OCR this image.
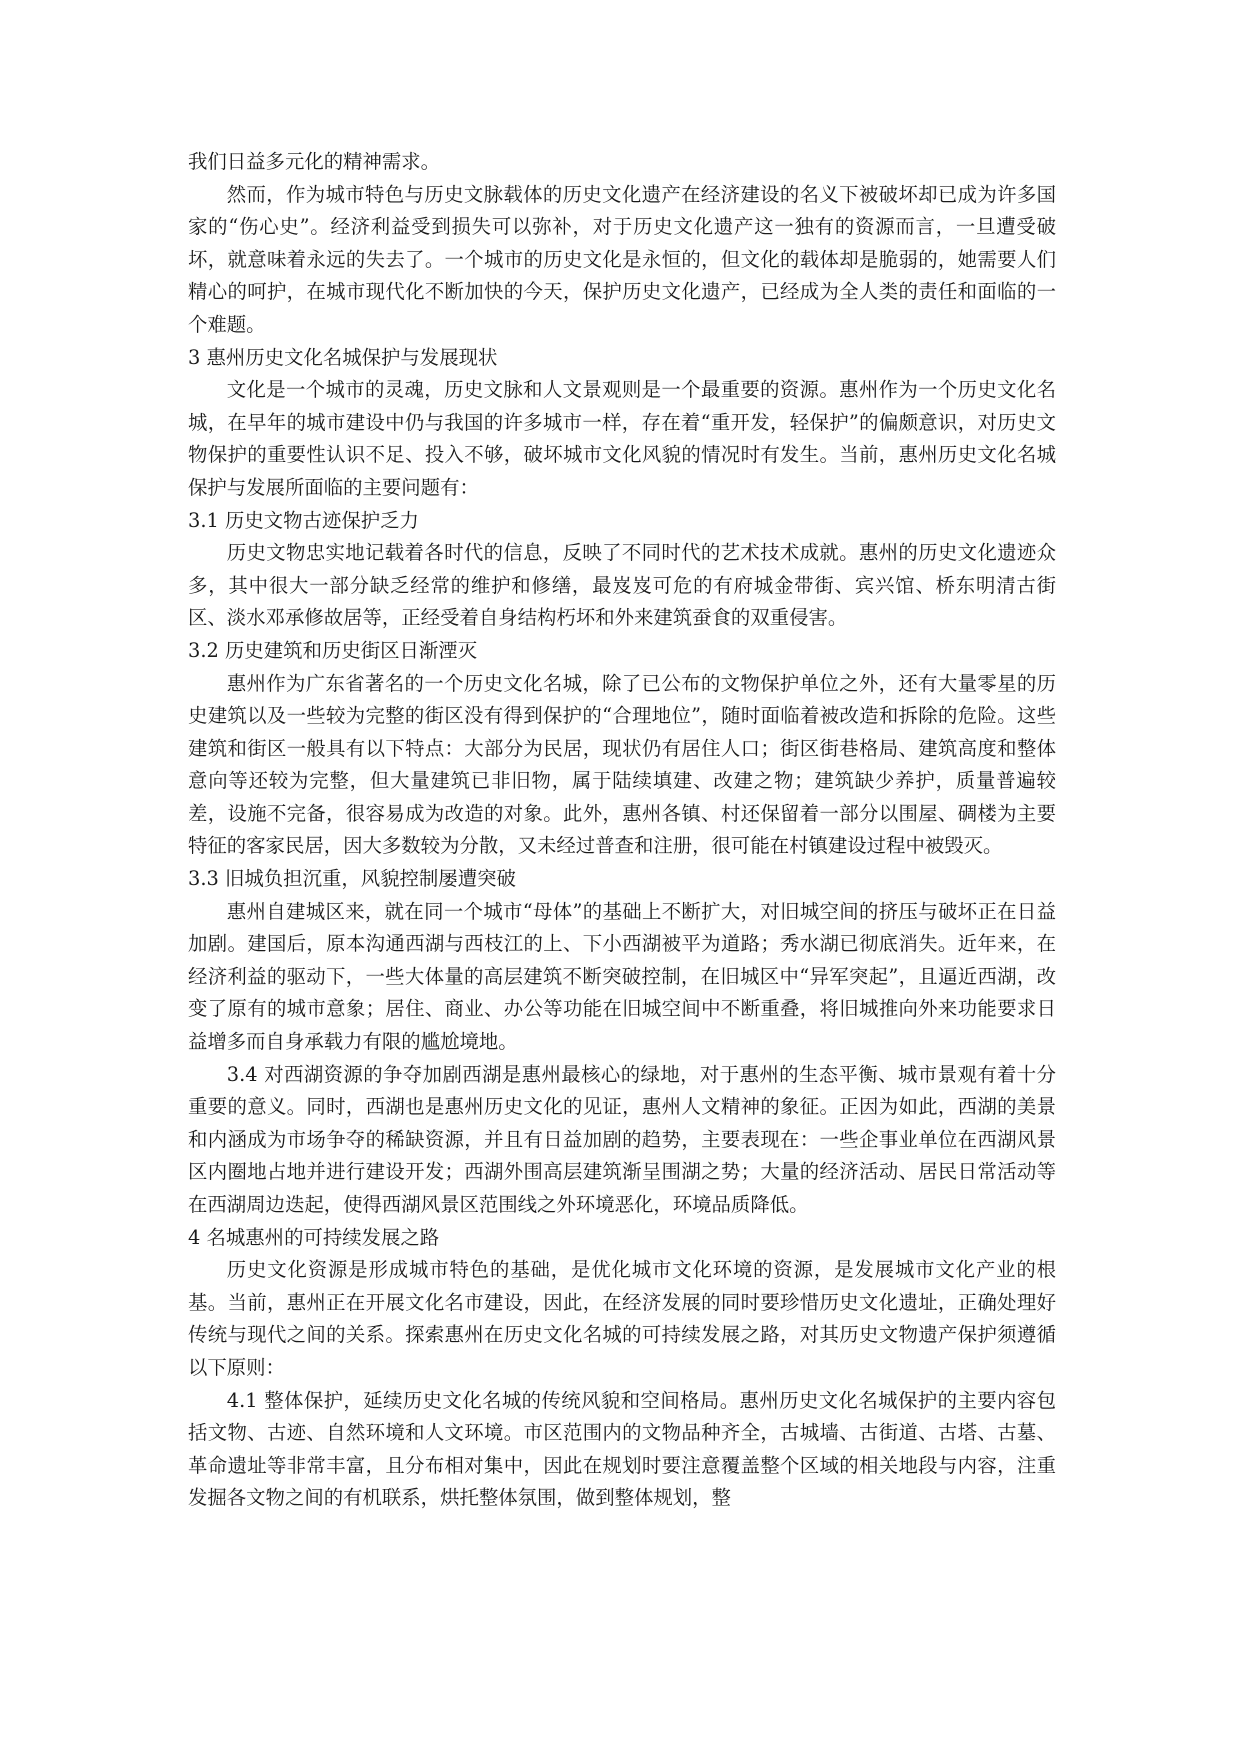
我们日益多元化的精神需求。

然而，作为城市特色与历史文脉载体的历史文化遗产在经济建设的名义下被破坏却已成为许多国家的“伤心史”。经济利益受到损失可以弥补，对于历史文化遗产这一独有的资源而言，一旦遭受破坏，就意味着永远的失去了。一个城市的历史文化是永恒的，但文化的载体却是脆弱的，她需要人们精心的呵护，在城市现代化不断加快的今天，保护历史文化遗产，已经成为全人类的责任和面临的一个难题。

3 惠州历史文化名城保护与发展现状

文化是一个城市的灵魂，历史文脉和人文景观则是一个最重要的资源。惠州作为一个历史文化名城，在早年的城市建设中仍与我国的许多城市一样，存在着“重开发，轻保护”的偏颇意识，对历史文物保护的重要性认识不足、投入不够，破坏城市文化风貌的情况时有发生。当前，惠州历史文化名城保护与发展所面临的主要问题有：

3.1 历史文物古迹保护乏力

历史文物忠实地记载着各时代的信息，反映了不同时代的艺术技术成就。惠州的历史文化遗迹众多，其中很大一部分缺乏经常的维护和修缮，最岌岌可危的有府城金带街、宾兴馆、桥东明清古街区、淡水邓承修故居等，正经受着自身结构朽坏和外来建筑蚕食的双重侵害。

3.2 历史建筑和历史街区日渐湮灭

惠州作为广东省著名的一个历史文化名城，除了已公布的文物保护单位之外，还有大量零星的历史建筑以及一些较为完整的街区没有得到保护的“合理地位”，随时面临着被改造和拆除的危险。这些建筑和街区一般具有以下特点：大部分为民居，现状仍有居住人口；街区街巷格局、建筑高度和整体意向等还较为完整，但大量建筑已非旧物，属于陆续填建、改建之物；建筑缺少养护，质量普遍较差，设施不完备，很容易成为改造的对象。此外，惠州各镇、村还保留着一部分以围屋、碉楼为主要特征的客家民居，因大多数较为分散，又未经过普查和注册，很可能在村镇建设过程中被毁灭。

3.3 旧城负担沉重，风貌控制屡遭突破

惠州自建城区来，就在同一个城市“母体”的基础上不断扩大，对旧城空间的挤压与破坏正在日益加剧。建国后，原本沟通西湖与西枝江的上、下小西湖被平为道路；秀水湖已彻底消失。近年来，在经济利益的驱动下，一些大体量的高层建筑不断突破控制，在旧城区中“异军突起”，且逼近西湖，改变了原有的城市意象；居住、商业、办公等功能在旧城空间中不断重叠，将旧城推向外来功能要求日益增多而自身承载力有限的尴尬境地。

3.4 对西湖资源的争夺加剧西湖是惠州最核心的绿地，对于惠州的生态平衡、城市景观有着十分重要的意义。同时，西湖也是惠州历史文化的见证，惠州人文精神的象征。正因为如此，西湖的美景和内涵成为市场争夺的稀缺资源，并且有日益加剧的趋势，主要表现在：一些企事业单位在西湖风景区内圈地占地并进行建设开发；西湖外围高层建筑渐呈围湖之势；大量的经济活动、居民日常活动等在西湖周边迭起，使得西湖风景区范围线之外环境恶化，环境品质降低。

4 名城惠州的可持续发展之路

历史文化资源是形成城市特色的基础，是优化城市文化环境的资源，是发展城市文化产业的根基。当前，惠州正在开展文化名市建设，因此，在经济发展的同时要珍惜历史文化遗址，正确处理好传统与现代之间的关系。探索惠州在历史文化名城的可持续发展之路，对其历史文物遗产保护须遵循以下原则：

4.1 整体保护，延续历史文化名城的传统风貌和空间格局。惠州历史文化名城保护的主要内容包括文物、古迹、自然环境和人文环境。市区范围内的文物品种齐全，古城墙、古街道、古塔、古墓、革命遗址等非常丰富，且分布相对集中，因此在规划时要注意覆盖整个区域的相关地段与内容，注重发掘各文物之间的有机联系，烘托整体氛围，做到整体规划，整
